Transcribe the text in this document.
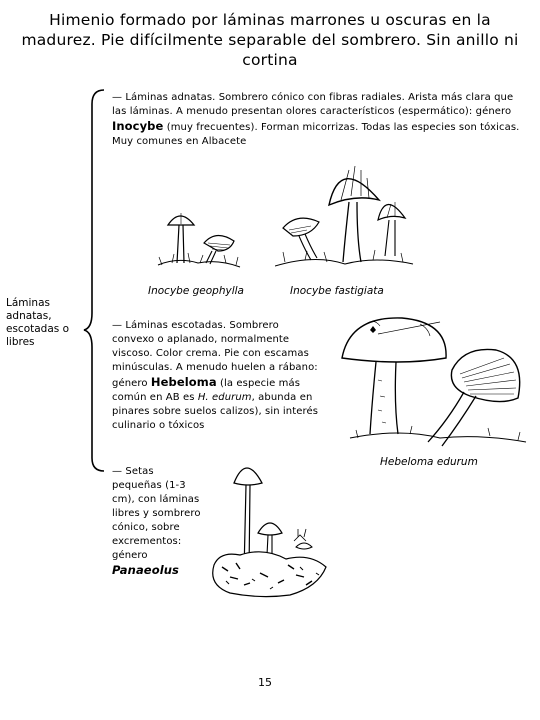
Himenio formado por láminas marrones u oscuras en la madurez. Pie difícilmente separable del sombrero. Sin anillo ni cortina
Láminas adnatas, escotadas o libres
— Láminas adnatas. Sombrero cónico con fibras radiales. Arista más clara que las láminas. A menudo presentan olores característicos (espermático): género Inocybe (muy frecuentes). Forman micorrizas. Todas las especies son tóxicas. Muy comunes en Albacete
Inocybe geophylla	Inocybe fastigiata
— Láminas escotadas. Sombrero convexo o aplanado, normalmente viscoso. Color crema. Pie con escamas minúsculas. A menudo huelen a rábano: género Hebeloma (la especie más común en AB es H. edurum, abunda en pinares sobre suelos calizos), sin interés culinario o tóxicos
Hebeloma edurum
— Setas pequeñas (1-3 cm), con láminas libres y sombrero cónico, sobre excrementos: género Panaeolus
15
